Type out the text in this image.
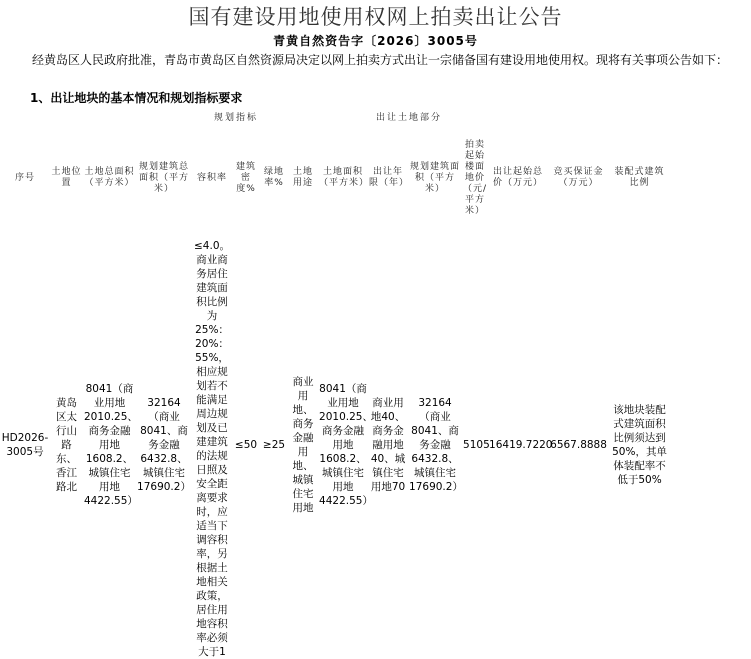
国有建设用地使用权网上拍卖出让公告
青黄自然资告字〔2026〕3005号
经黄岛区人民政府批准，青岛市黄岛区自然资源局决定以网上拍卖方式出让一宗储备国有建设用地使用权。现将有关事项公告如下：
1、出让地块的基本情况和规划指标要求
				规划指标				出让土地部分						
序号	土地位置	土地总面积（平方米）	规划建筑总面积（平方米）	容积率	建筑密度%	绿地率%	土地用途	土地面积（平方米）	出让年限（年）	规划建筑面积（平方米）	拍卖起始楼面地价（元/平方米）	出让起始总价（万元）	竞买保证金（万元）	装配式建筑比例
HD2026-3005号	黄岛区太行山路东、香江路北	8041（商业用地2010.25、商务金融用地1608.2、城镇住宅用地4422.55）	32164（商业8041、商务金融6432.8、城镇住宅17690.2）	≤4.0。商业商务居住建筑面积比例为25%：20%：55%，相应规划若不能满足周边规划及已建建筑的法规日照及安全距离要求时，应适当下调容积率，另根据土地相关政策，居住用地容积率必须大于1	≤50	≥25	商业用地、商务金融用地、城镇住宅用地	8041（商业用地2010.25、商务金融用地1608.2、城镇住宅用地4422.55）	商业用地40、商务金融用地40、城镇住宅用地70	32164（商业8041、商务金融6432.8、城镇住宅17690.2）	5105	16419.7220	6567.8888	该地块装配式建筑面积比例须达到50%，其单体装配率不低于50%
